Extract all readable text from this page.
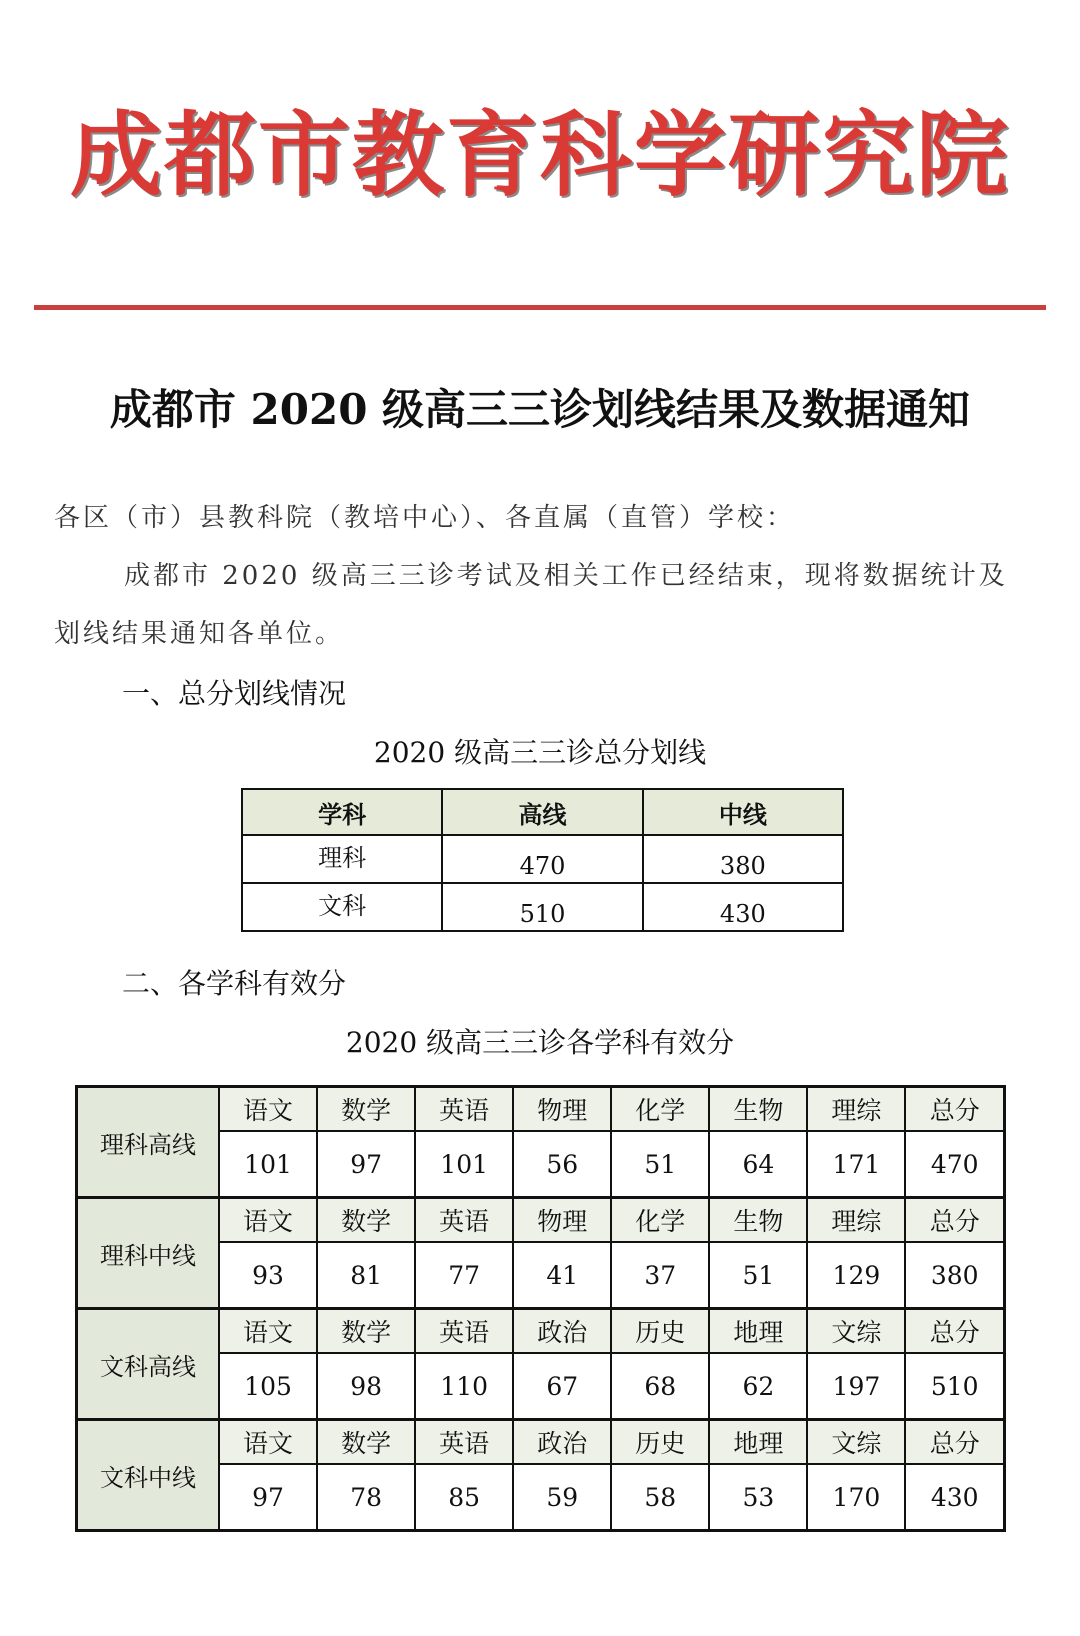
成都市教育科学研究院
成都市 2020 级高三三诊划线结果及数据通知
各区（市）县教科院（教培中心）、各直属（直管）学校：
成都市 2020 级高三三诊考试及相关工作已经结束，现将数据统计及
划线结果通知各单位。
一、总分划线情况
2020 级高三三诊总分划线
学科	高线	中线
理科	470	380
文科	510	430
二、各学科有效分
2020 级高三三诊各学科有效分
理科高线	语文	数学	英语	物理	化学	生物	理综	总分
	101	97	101	56	51	64	171	470
理科中线	语文	数学	英语	物理	化学	生物	理综	总分
	93	81	77	41	37	51	129	380
文科高线	语文	数学	英语	政治	历史	地理	文综	总分
	105	98	110	67	68	62	197	510
文科中线	语文	数学	英语	政治	历史	地理	文综	总分
	97	78	85	59	58	53	170	430
